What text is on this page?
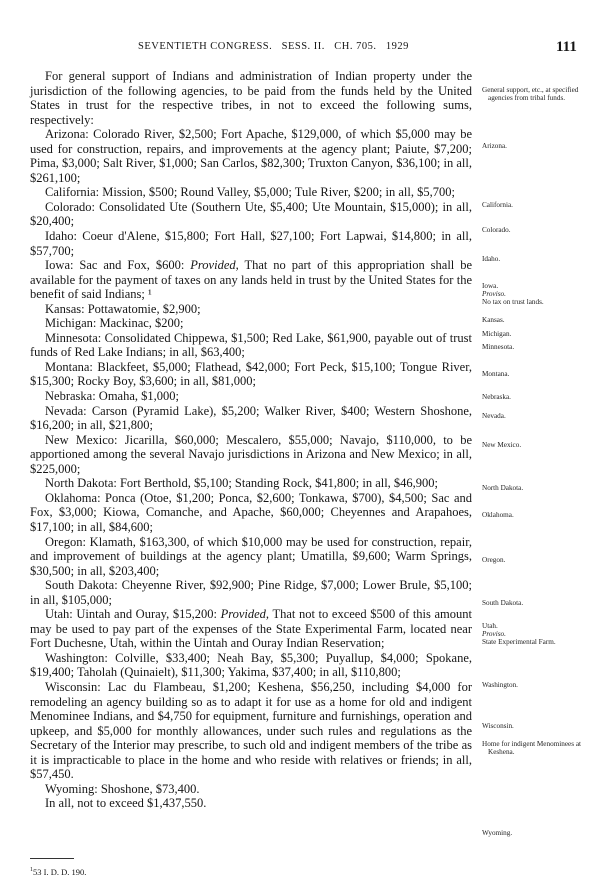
SEVENTIETH CONGRESS.   SESS. II.   CH. 705.   1929	111

For general support of Indians and administration of Indian property under the jurisdiction of the following agencies, to be paid from the funds held by the United States in trust for the respective tribes, in not to exceed the following sums, respectively:

Arizona: Colorado River, $2,500; Fort Apache, $129,000, of which $5,000 may be used for construction, repairs, and improvements at the agency plant; Paiute, $7,200; Pima, $3,000; Salt River, $1,000; San Carlos, $82,300; Truxton Canyon, $36,100; in all, $261,100;

California: Mission, $500; Round Valley, $5,000; Tule River, $200; in all, $5,700;

Colorado: Consolidated Ute (Southern Ute, $5,400; Ute Mountain, $15,000); in all, $20,400;

Idaho: Coeur d'Alene, $15,800; Fort Hall, $27,100; Fort Lapwai, $14,800; in all, $57,700;

Iowa: Sac and Fox, $600: Provided, That no part of this appropriation shall be available for the payment of taxes on any lands held in trust by the United States for the benefit of said Indians; ¹

Kansas: Pottawatomie, $2,900;

Michigan: Mackinac, $200;

Minnesota: Consolidated Chippewa, $1,500; Red Lake, $61,900, payable out of trust funds of Red Lake Indians; in all, $63,400;

Montana: Blackfeet, $5,000; Flathead, $42,000; Fort Peck, $15,100; Tongue River, $15,300; Rocky Boy, $3,600; in all, $81,000;

Nebraska: Omaha, $1,000;

Nevada: Carson (Pyramid Lake), $5,200; Walker River, $400; Western Shoshone, $16,200; in all, $21,800;

New Mexico: Jicarilla, $60,000; Mescalero, $55,000; Navajo, $110,000, to be apportioned among the several Navajo jurisdictions in Arizona and New Mexico; in all, $225,000;

North Dakota: Fort Berthold, $5,100; Standing Rock, $41,800; in all, $46,900;

Oklahoma: Ponca (Otoe, $1,200; Ponca, $2,600; Tonkawa, $700), $4,500; Sac and Fox, $3,000; Kiowa, Comanche, and Apache, $60,000; Cheyennes and Arapahoes, $17,100; in all, $84,600;

Oregon: Klamath, $163,300, of which $10,000 may be used for construction, repair, and improvement of buildings at the agency plant; Umatilla, $9,600; Warm Springs, $30,500; in all, $203,400;

South Dakota: Cheyenne River, $92,900; Pine Ridge, $7,000; Lower Brule, $5,100; in all, $105,000;

Utah: Uintah and Ouray, $15,200: Provided, That not to exceed $500 of this amount may be used to pay part of the expenses of the State Experimental Farm, located near Fort Duchesne, Utah, within the Uintah and Ouray Indian Reservation;

Washington: Colville, $33,400; Neah Bay, $5,300; Puyallup, $4,000; Spokane, $19,400; Taholah (Quinaielt), $11,300; Yakima, $37,400; in all, $110,800;

Wisconsin: Lac du Flambeau, $1,200; Keshena, $56,250, including $4,000 for remodeling an agency building so as to adapt it for use as a home for old and indigent Menominee Indians, and $4,750 for equipment, furniture and furnishings, operation and upkeep, and $5,000 for monthly allowances, under such rules and regulations as the Secretary of the Interior may prescribe, to such old and indigent members of the tribe as it is impracticable to place in the home and who reside with relatives or friends; in all, $57,450.

Wyoming: Shoshone, $73,400.

In all, not to exceed $1,437,550.

General support, etc., at specified agencies from tribal funds.
Arizona.
California.
Colorado.
Idaho.
Iowa.
Proviso.
No tax on trust lands.
Kansas.
Michigan.
Minnesota.
Montana.
Nebraska.
Nevada.
New Mexico.
North Dakota.
Oklahoma.
Oregon.
South Dakota.
Utah.
Proviso.
State Experimental Farm.
Washington.
Wisconsin.
Home for indigent Menominees at Keshena.
Wyoming.
$^1$53 I. D. D. 190.
